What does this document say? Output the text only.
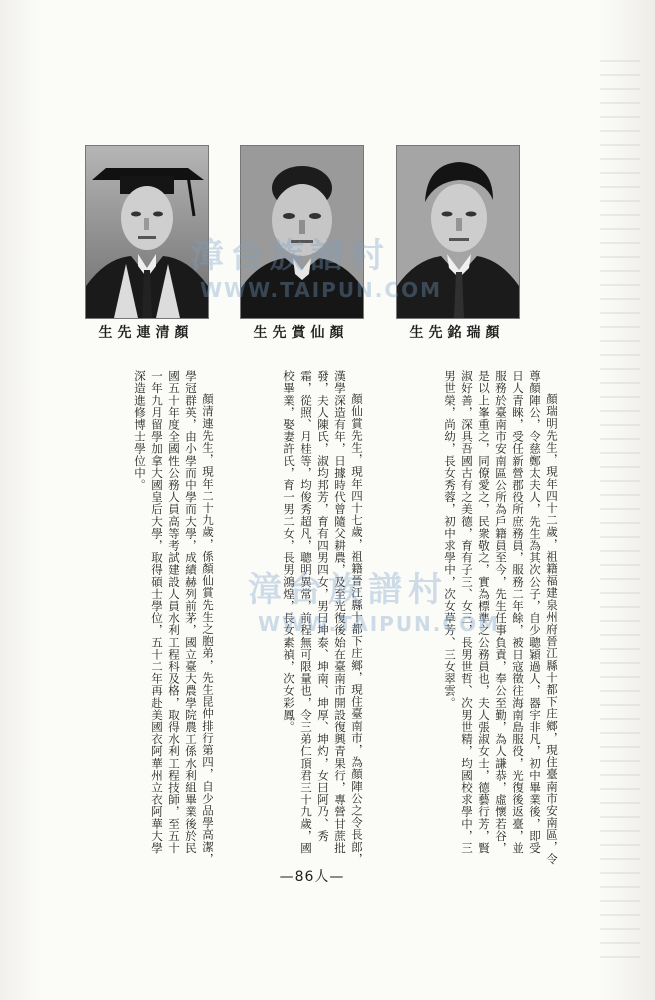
顏清連先生	顏仙賞先生	顏瑞銘先生

顏瑞明先生，現年四十二歲，祖籍福建泉州府晉江縣十都下庄鄉，現住臺南市安南區，令尊顏陣公，令慈鄭太夫人，先生為其次公子，自少聰穎過人，器宇非凡，初中畢業後，即受日人青睞，受任新營郡役所庶務員，服務二年餘，被日寇徵往海南島服役，光復後返臺，並服務於臺南市安南區公所為戶籍員至今，先生任事負責，奉公至勤，為人謙恭，虛懷若谷，是以上峯重之，同僚愛之，民衆敬之，實為標準之公務員也，夫人張淑女士，德藝行芳，賢淑好善，深具吾國古有之美德，育有子三、女三，長男世哲、次男世精，均國校求學中，三男世榮，尚幼，長女秀蓉，初中求學中，次女草芳、三女翠雲。

顏仙賞先生，現年四十七歲，祖籍晉江縣十都下庄鄉，現住臺南市，為顏陣公之令長郎，漢學深造有年，日據時代曾隨父耕農，及至光復後始在臺南市開設復興青果行，專營甘蔗批發，夫人陳氏，淑均邦芳，育有四男四女，男曰坤泰、坤南、坤厚、坤灼，女曰阿乃、秀霜，從照、月桂等，均俊秀超凡，聰明異常，前程無可限量也，令三弟仁頂君三十九歲，國校畢業，娶妻許氏，育一男二女，長男鴻煌，長女素禎，次女彩鳳。

顏清連先生，現年二十九歲，係顏仙賞先生之胞弟，先生昆仲排行第四，自少品學高潔，學冠群英，由小學而中學而大學，成績赫列前茅，國立臺大農學院農工係水利組畢業後於民國五十年度全國性公務人員高等考試建設人員水利工程科及格，取得水利工程技師，至五十一年九月留學加拿大國皇后大學，取得碩士學位，五十二年再赴美國衣阿華州立衣阿華大學深造進修博士學位中。

漳台族譜村
WWW.TAIPUN.COM
漳台族譜村
WWW.TAIPUN.COM
—86人—
